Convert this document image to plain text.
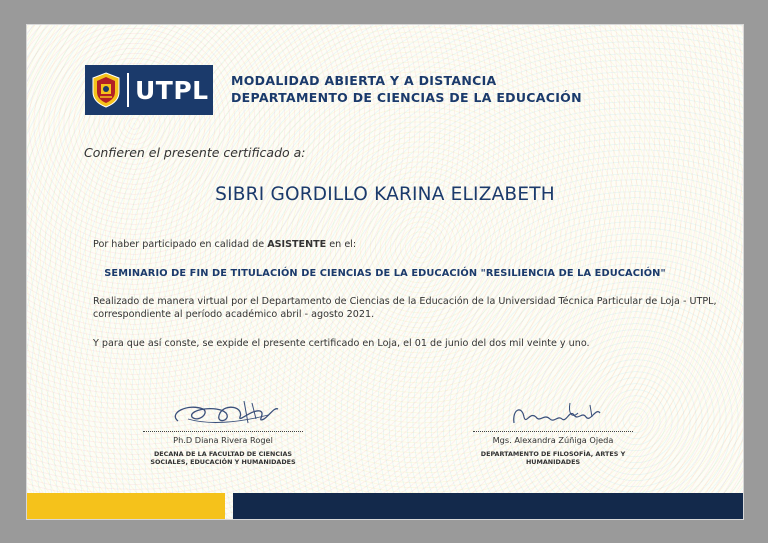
UTPL MODALIDAD ABIERTA Y A DISTANCIA
DEPARTAMENTO DE CIENCIAS DE LA EDUCACIÓN
Confieren el presente certificado a:
SIBRI GORDILLO KARINA ELIZABETH
Por haber participado en calidad de ASISTENTE en el:
SEMINARIO DE FIN DE TITULACIÓN DE CIENCIAS DE LA EDUCACIÓN "RESILIENCIA DE LA EDUCACIÓN"
Realizado de manera virtual por el Departamento de Ciencias de la Educación de la Universidad Técnica Particular de Loja - UTPL, correspondiente al período académico abril - agosto 2021.
Y para que así conste, se expide el presente certificado en Loja, el 01 de junio del dos mil veinte y uno.
Ph.D Diana Rivera Rogel
DECANA DE LA FACULTAD DE CIENCIAS
SOCIALES, EDUCACIÓN Y HUMANIDADES
Mgs. Alexandra Zúñiga Ojeda
DEPARTAMENTO DE FILOSOFÍA, ARTES Y
HUMANIDADES
